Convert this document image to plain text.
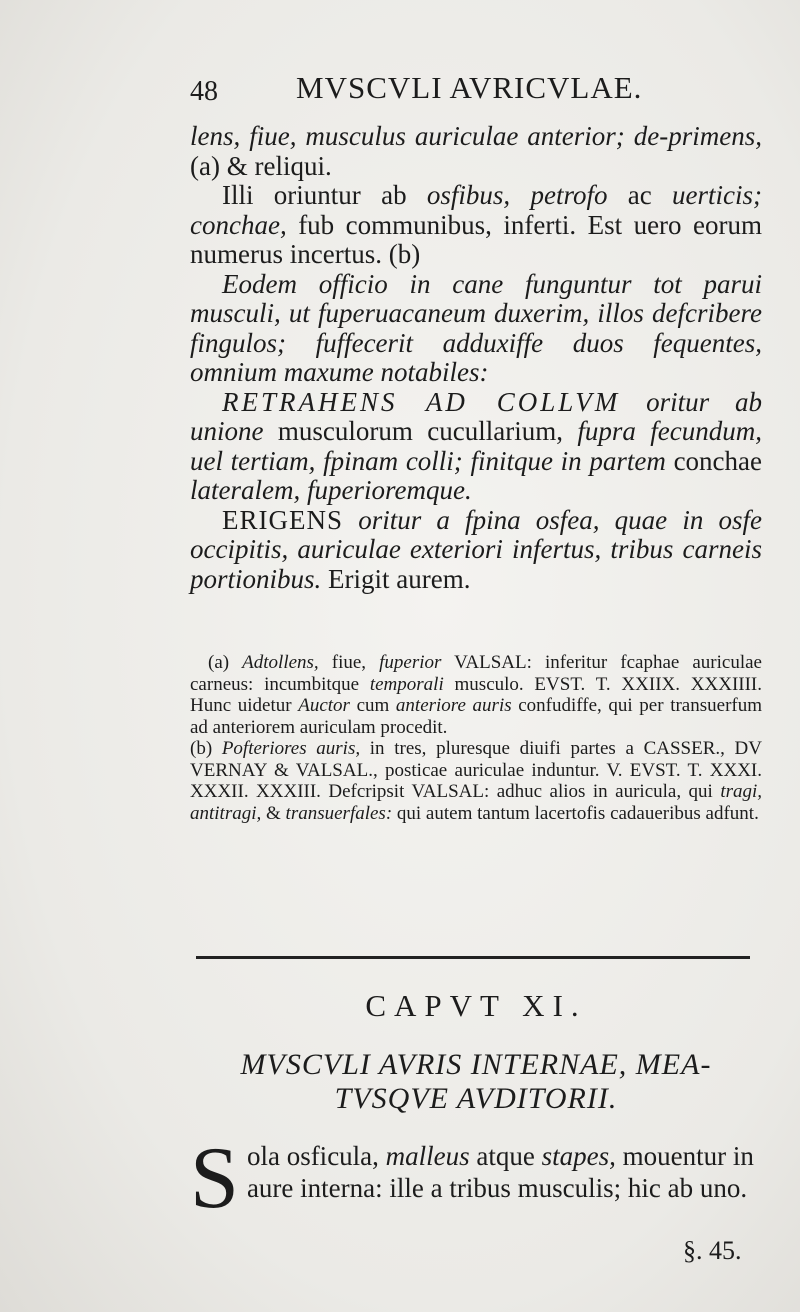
48	MVSCVLI AVRICVLAE.

lens, fiue, musculus auriculae anterior; de-primens, (a) & reliqui.

Illi oriuntur ab osfibus, petrofo ac uerticis; conchae, fub communibus, inferti. Est uero eorum numerus incertus. (b)

Eodem officio in cane funguntur tot parui musculi, ut fuperuacaneum duxerim, illos defcribere fingulos; fuffecerit adduxiffe duos fequentes, omnium maxume notabiles:

RETRAHENS AD COLLVM oritur ab unione musculorum cucullarium, fupra fecundum, uel tertiam, fpinam colli; finitque in partem conchae lateralem, fuperioremque.

ERIGENS oritur a fpina osfea, quae in osfe occipitis, auriculae exteriori infertus, tribus carneis portionibus. Erigit aurem.

(a) Adtollens, fiue, fuperior VALSAL: inferitur fcaphae auriculae carneus: incumbitque temporali musculo. EVST. T. XXIIX. XXXIIII. Hunc uidetur Auctor cum anteriore auris confudiffe, qui per transuerfum ad anteriorem auriculam procedit.

(b) Pofteriores auris, in tres, pluresque diuifi partes a CASSER., DV VERNAY & VALSAL., posticae auriculae induntur. V. EVST. T. XXXI. XXXII. XXXIII. Defcripsit VALSAL: adhuc alios in auricula, qui tragi, antitragi, & transuerfales: qui autem tantum lacertofis cadaueribus adfunt.

CAPVT XI.
MVSCVLI AVRIS INTERNAE, MEA-
TVSQVE AVDITORII.
Sola osficula, malleus atque stapes, mouentur in aure interna: ille a tribus musculis; hic ab uno.
§. 45.
